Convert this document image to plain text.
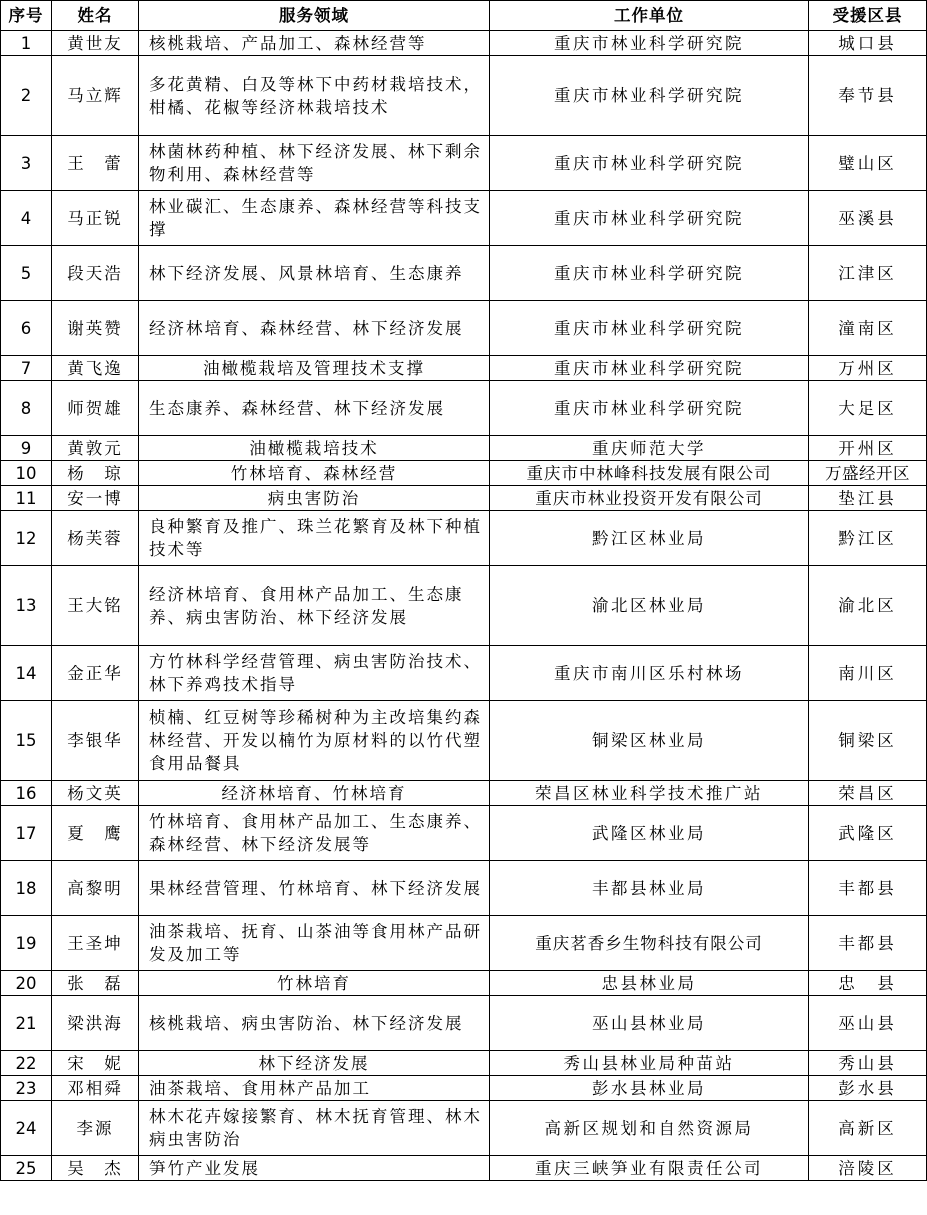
序号	姓名	服务领域	工作单位	受援区县
1	黄世友	核桃栽培、产品加工、森林经营等	重庆市林业科学研究院	城口县
2	马立辉	多花黄精、白及等林下中药材栽培技术，柑橘、花椒等经济林栽培技术	重庆市林业科学研究院	奉节县
3	王　蕾	林菌林药种植、林下经济发展、林下剩余物利用、森林经营等	重庆市林业科学研究院	璧山区
4	马正锐	林业碳汇、生态康养、森林经营等科技支撑	重庆市林业科学研究院	巫溪县
5	段天浩	林下经济发展、风景林培育、生态康养	重庆市林业科学研究院	江津区
6	谢英赞	经济林培育、森林经营、林下经济发展	重庆市林业科学研究院	潼南区
7	黄飞逸	油橄榄栽培及管理技术支撑	重庆市林业科学研究院	万州区
8	师贺雄	生态康养、森林经营、林下经济发展	重庆市林业科学研究院	大足区
9	黄敦元	油橄榄栽培技术	重庆师范大学	开州区
10	杨　琼	竹林培育、森林经营	重庆市中林峰科技发展有限公司	万盛经开区
11	安一博	病虫害防治	重庆市林业投资开发有限公司	垫江县
12	杨芙蓉	良种繁育及推广、珠兰花繁育及林下种植技术等	黔江区林业局	黔江区
13	王大铭	经济林培育、食用林产品加工、生态康养、病虫害防治、林下经济发展	渝北区林业局	渝北区
14	金正华	方竹林科学经营管理、病虫害防治技术、林下养鸡技术指导	重庆市南川区乐村林场	南川区
15	李银华	桢楠、红豆树等珍稀树种为主改培集约森林经营、开发以楠竹为原材料的以竹代塑食用品餐具	铜梁区林业局	铜梁区
16	杨文英	经济林培育、竹林培育	荣昌区林业科学技术推广站	荣昌区
17	夏　鹰	竹林培育、食用林产品加工、生态康养、森林经营、林下经济发展等	武隆区林业局	武隆区
18	高黎明	果林经营管理、竹林培育、林下经济发展	丰都县林业局	丰都县
19	王圣坤	油茶栽培、抚育、山茶油等食用林产品研发及加工等	重庆茗香乡生物科技有限公司	丰都县
20	张　磊	竹林培育	忠县林业局	忠　县
21	梁洪海	核桃栽培、病虫害防治、林下经济发展	巫山县林业局	巫山县
22	宋　妮	林下经济发展	秀山县林业局种苗站	秀山县
23	邓相舜	油茶栽培、食用林产品加工	彭水县林业局	彭水县
24	李源	林木花卉嫁接繁育、林木抚育管理、林木病虫害防治	高新区规划和自然资源局	高新区
25	吴　杰	笋竹产业发展	重庆三峡笋业有限责任公司	涪陵区
